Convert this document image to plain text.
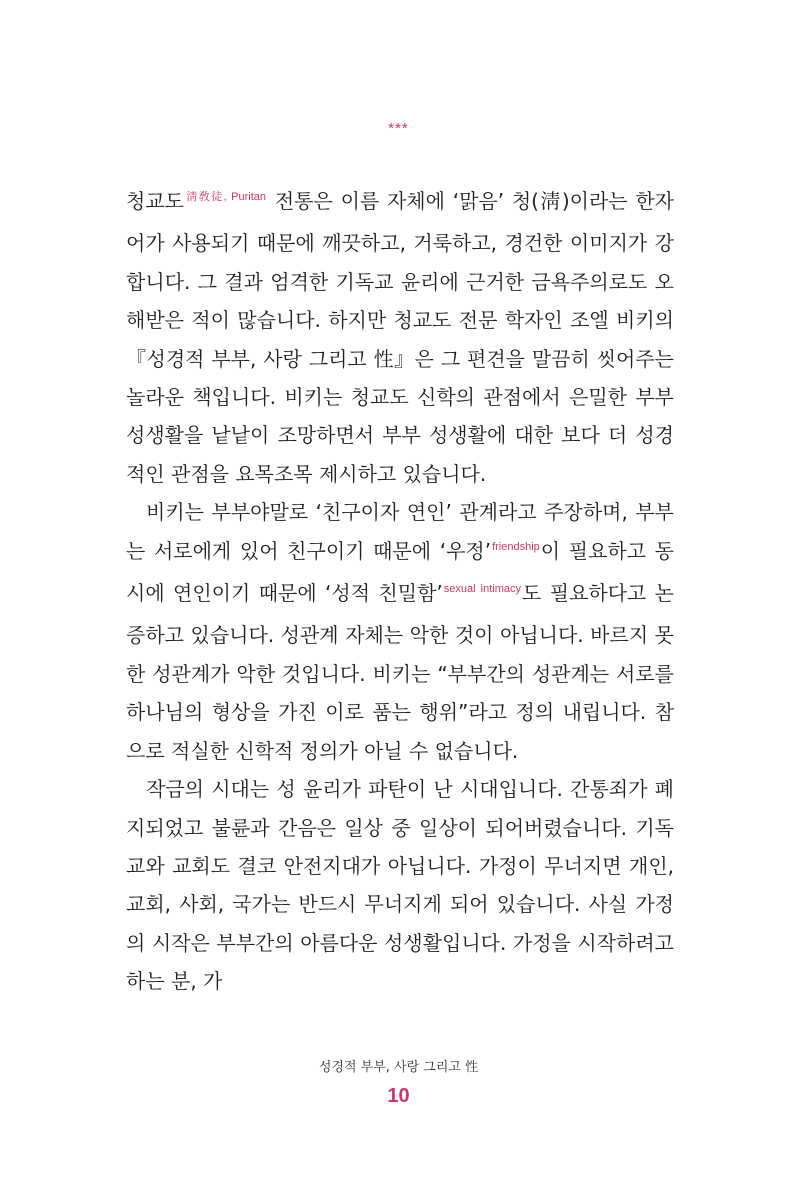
***

청교도$^{淸敎徒, Puritan}$ 전통은 이름 자체에 ‘맑음’ 청(淸)이라는 한자어가 사용되기 때문에 깨끗하고, 거룩하고, 경건한 이미지가 강합니다. 그 결과 엄격한 기독교 윤리에 근거한 금욕주의로도 오해받은 적이 많습니다. 하지만 청교도 전문 학자인 조엘 비키의『성경적 부부, 사랑 그리고 性』은 그 편견을 말끔히 씻어주는 놀라운 책입니다. 비키는 청교도 신학의 관점에서 은밀한 부부 성생활을 낱낱이 조망하면서 부부 성생활에 대한 보다 더 성경적인 관점을 요목조목 제시하고 있습니다.

비키는 부부야말로 ‘친구이자 연인’ 관계라고 주장하며, 부부는 서로에게 있어 친구이기 때문에 ‘우정’$^{friendship}$이 필요하고 동시에 연인이기 때문에 ‘성적 친밀함’$^{sexual intimacy}$도 필요하다고 논증하고 있습니다. 성관계 자체는 악한 것이 아닙니다. 바르지 못한 성관계가 악한 것입니다. 비키는 “부부간의 성관계는 서로를 하나님의 형상을 가진 이로 품는 행위”라고 정의 내립니다. 참으로 적실한 신학적 정의가 아닐 수 없습니다.

작금의 시대는 성 윤리가 파탄이 난 시대입니다. 간통죄가 폐지되었고 불륜과 간음은 일상 중 일상이 되어버렸습니다. 기독교와 교회도 결코 안전지대가 아닙니다. 가정이 무너지면 개인, 교회, 사회, 국가는 반드시 무너지게 되어 있습니다. 사실 가정의 시작은 부부간의 아름다운 성생활입니다. 가정을 시작하려고 하는 분, 가

성경적 부부, 사랑 그리고 性
10
